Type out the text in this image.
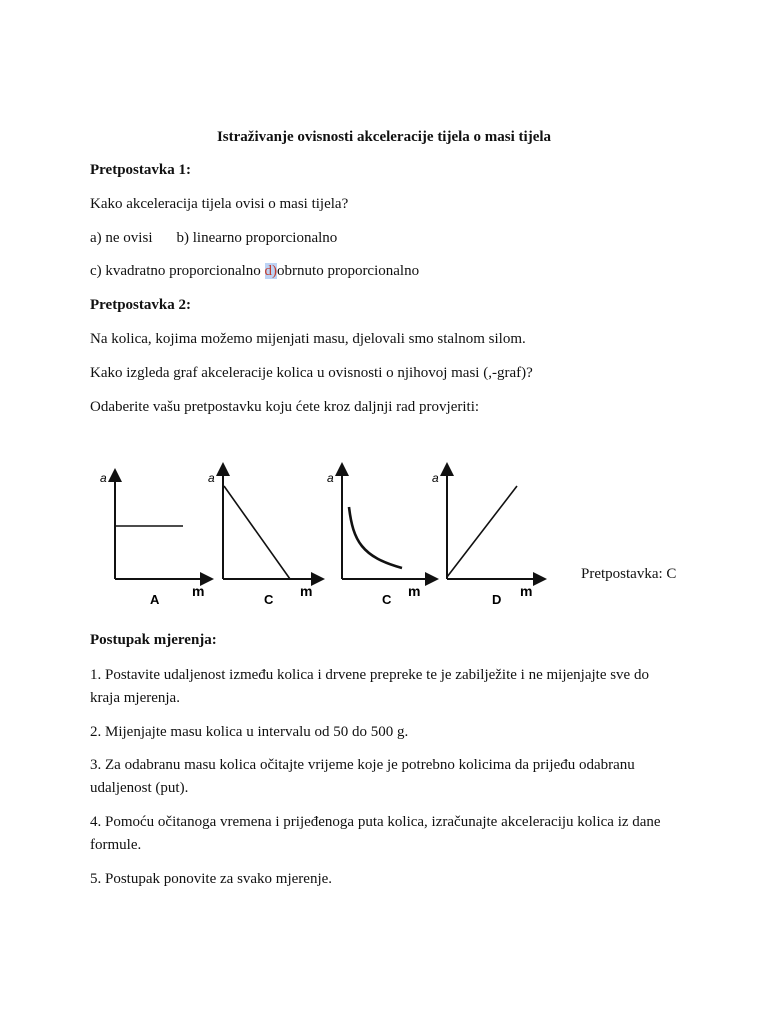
Istraživanje ovisnosti akceleracije tijela o masi tijela
Pretpostavka 1:
Kako akceleracija tijela ovisi o masi tijela?
a) ne ovisi b) linearno proporcionalno
c) kvadratno proporcionalno d)obrnuto proporcionalno
Pretpostavka 2:
Na kolica, kojima možemo mijenjati masu, djelovali smo stalnom silom.
Kako izgleda graf akceleracije kolica u ovisnosti o njihovoj masi (,-graf)?
Odaberite vašu pretpostavku koju ćete kroz daljnji rad provjeriti:
a
m
A
a
m
C
a
m
C
a
m
D
Pretpostavka: C
Postupak mjerenja:
1. Postavite udaljenost između kolica i drvene prepreke te je zabilježite i ne mijenjajte sve do
kraja mjerenja.
2. Mijenjajte masu kolica u intervalu od 50 do 500 g.
3. Za odabranu masu kolica očitajte vrijeme koje je potrebno kolicima da prijeđu odabranu
udaljenost (put).
4. Pomoću očitanoga vremena i prijeđenoga puta kolica, izračunajte akceleraciju kolica iz dane
formule.
5. Postupak ponovite za svako mjerenje.
